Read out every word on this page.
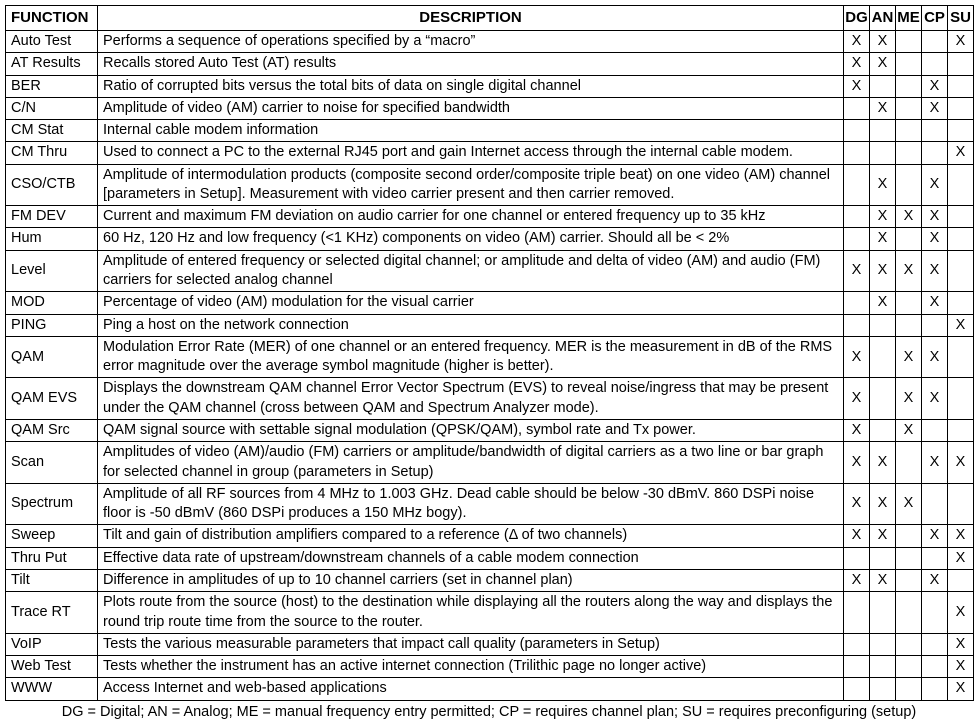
FUNCTION	DESCRIPTION	DG	AN	ME	CP	SU
Auto Test	Performs a sequence of operations specified by a “macro”	X	X			X
AT Results	Recalls stored Auto Test (AT) results	X	X			
BER	Ratio of corrupted bits versus the total bits of data on single digital channel	X			X	
C/N	Amplitude of video (AM) carrier to noise for specified bandwidth		X		X	
CM Stat	Internal cable modem information					
CM Thru	Used to connect a PC to the external RJ45 port and gain Internet access through the internal cable modem.					X
CSO/CTB	Amplitude of intermodulation products (composite second order/composite triple beat) on one video (AM) channel [parameters in Setup]. Measurement with video carrier present and then carrier removed.		X		X	
FM DEV	Current and maximum FM deviation on audio carrier for one channel or entered frequency up to 35 kHz		X	X	X	
Hum	60 Hz, 120 Hz and low frequency (<1 KHz) components on video (AM) carrier. Should all be < 2%		X		X	
Level	Amplitude of entered frequency or selected digital channel; or amplitude and delta of video (AM) and audio (FM) carriers for selected analog channel	X	X	X	X	
MOD	Percentage of video (AM) modulation for the visual carrier		X		X	
PING	Ping a host on the network connection					X
QAM	Modulation Error Rate (MER) of one channel or an entered frequency. MER is the measurement in dB of the RMS error magnitude over the average symbol magnitude (higher is better).	X		X	X	
QAM EVS	Displays the downstream QAM channel Error Vector Spectrum (EVS) to reveal noise/ingress that may be present under the QAM channel (cross between QAM and Spectrum Analyzer mode).	X		X	X	
QAM Src	QAM signal source with settable signal modulation (QPSK/QAM), symbol rate and Tx power.	X		X		
Scan	Amplitudes of video (AM)/audio (FM) carriers or amplitude/bandwidth of digital carriers as a two line or bar graph for selected channel in group (parameters in Setup)	X	X		X	X
Spectrum	Amplitude of all RF sources from 4 MHz to 1.003 GHz. Dead cable should be below -30 dBmV. 860 DSPi noise floor is -50 dBmV (860 DSPi produces a 150 MHz bogy).	X	X	X		
Sweep	Tilt and gain of distribution amplifiers compared to a reference (Δ of two channels)	X	X		X	X
Thru Put	Effective data rate of upstream/downstream channels of a cable modem connection					X
Tilt	Difference in amplitudes of up to 10 channel carriers (set in channel plan)	X	X		X	
Trace RT	Plots route from the source (host) to the destination while displaying all the routers along the way and displays the round trip route time from the source to the router.					X
VoIP	Tests the various measurable parameters that impact call quality (parameters in Setup)					X
Web Test	Tests whether the instrument has an active internet connection (Trilithic page no longer active)					X
WWW	Access Internet and web-based applications					X
DG = Digital; AN = Analog; ME = manual frequency entry permitted; CP = requires channel plan; SU = requires preconfiguring (setup)
